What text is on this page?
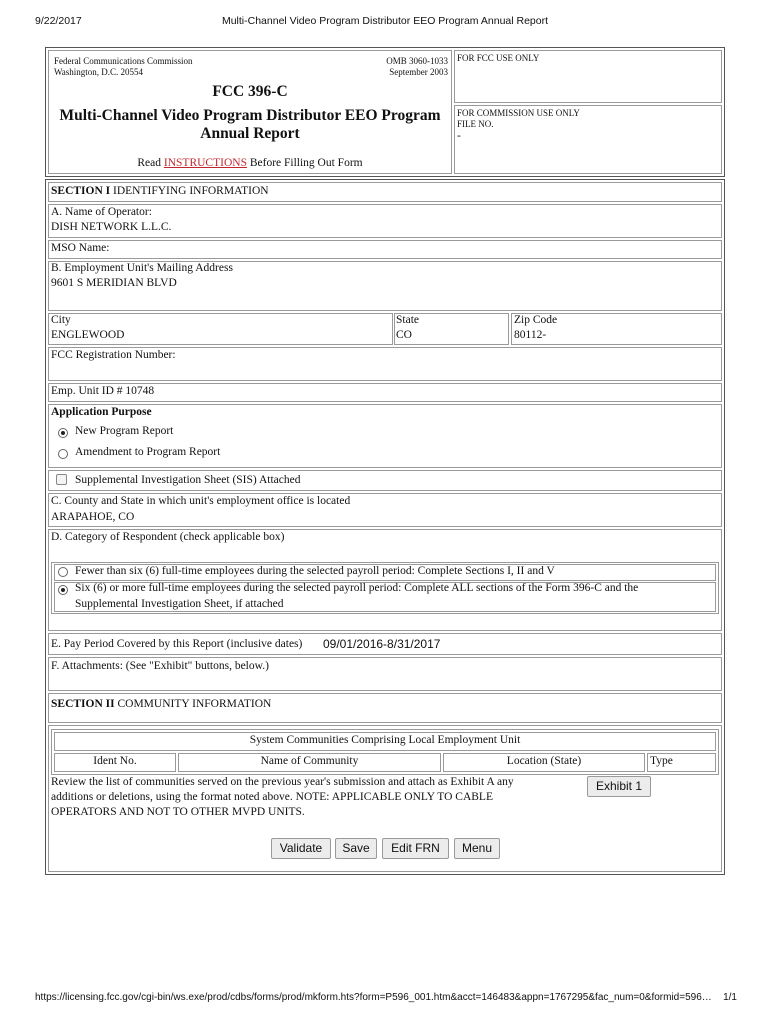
9/22/2017	Multi-Channel Video Program Distributor EEO Program Annual Report
Federal Communications Commission
Washington, D.C. 20554
OMB 3060-1033
September 2003
FCC 396-C
Multi-Channel Video Program Distributor EEO Program
Annual Report
Read INSTRUCTIONS Before Filling Out Form
FOR FCC USE ONLY
FOR COMMISSION USE ONLY
FILE NO.
-
SECTION I IDENTIFYING INFORMATION
A. Name of Operator:
DISH NETWORK L.L.C.
MSO Name:
B. Employment Unit's Mailing Address
9601 S MERIDIAN BLVD
City
ENGLEWOOD
State
CO
Zip Code
80112-
FCC Registration Number:
Emp. Unit ID # 10748
Application Purpose
New Program Report
Amendment to Program Report
Supplemental Investigation Sheet (SIS) Attached
C. County and State in which unit's employment office is located
ARAPAHOE, CO
D. Category of Respondent (check applicable box)
Fewer than six (6) full-time employees during the selected payroll period: Complete Sections I, II and V
Six (6) or more full-time employees during the selected payroll period: Complete ALL sections of the Form 396-C and the
Supplemental Investigation Sheet, if attached
E. Pay Period Covered by this Report (inclusive dates) 09/01/2016-8/31/2017
F. Attachments: (See "Exhibit" buttons, below.)
SECTION II COMMUNITY INFORMATION
System Communities Comprising Local Employment Unit
Ident No.	Name of Community	Location (State)	Type
Review the list of communities served on the previous year's submission and attach as Exhibit A any
additions or deletions, using the format noted above. NOTE: APPLICABLE ONLY TO CABLE
OPERATORS AND NOT TO OTHER MVPD UNITS.
Exhibit 1
Validate	Save	Edit FRN	Menu
https://licensing.fcc.gov/cgi-bin/ws.exe/prod/cdbs/forms/prod/mkform.hts?form=P596_001.htm&acct=146483&appn=1767295&fac_num=0&formid=596… 1/1
